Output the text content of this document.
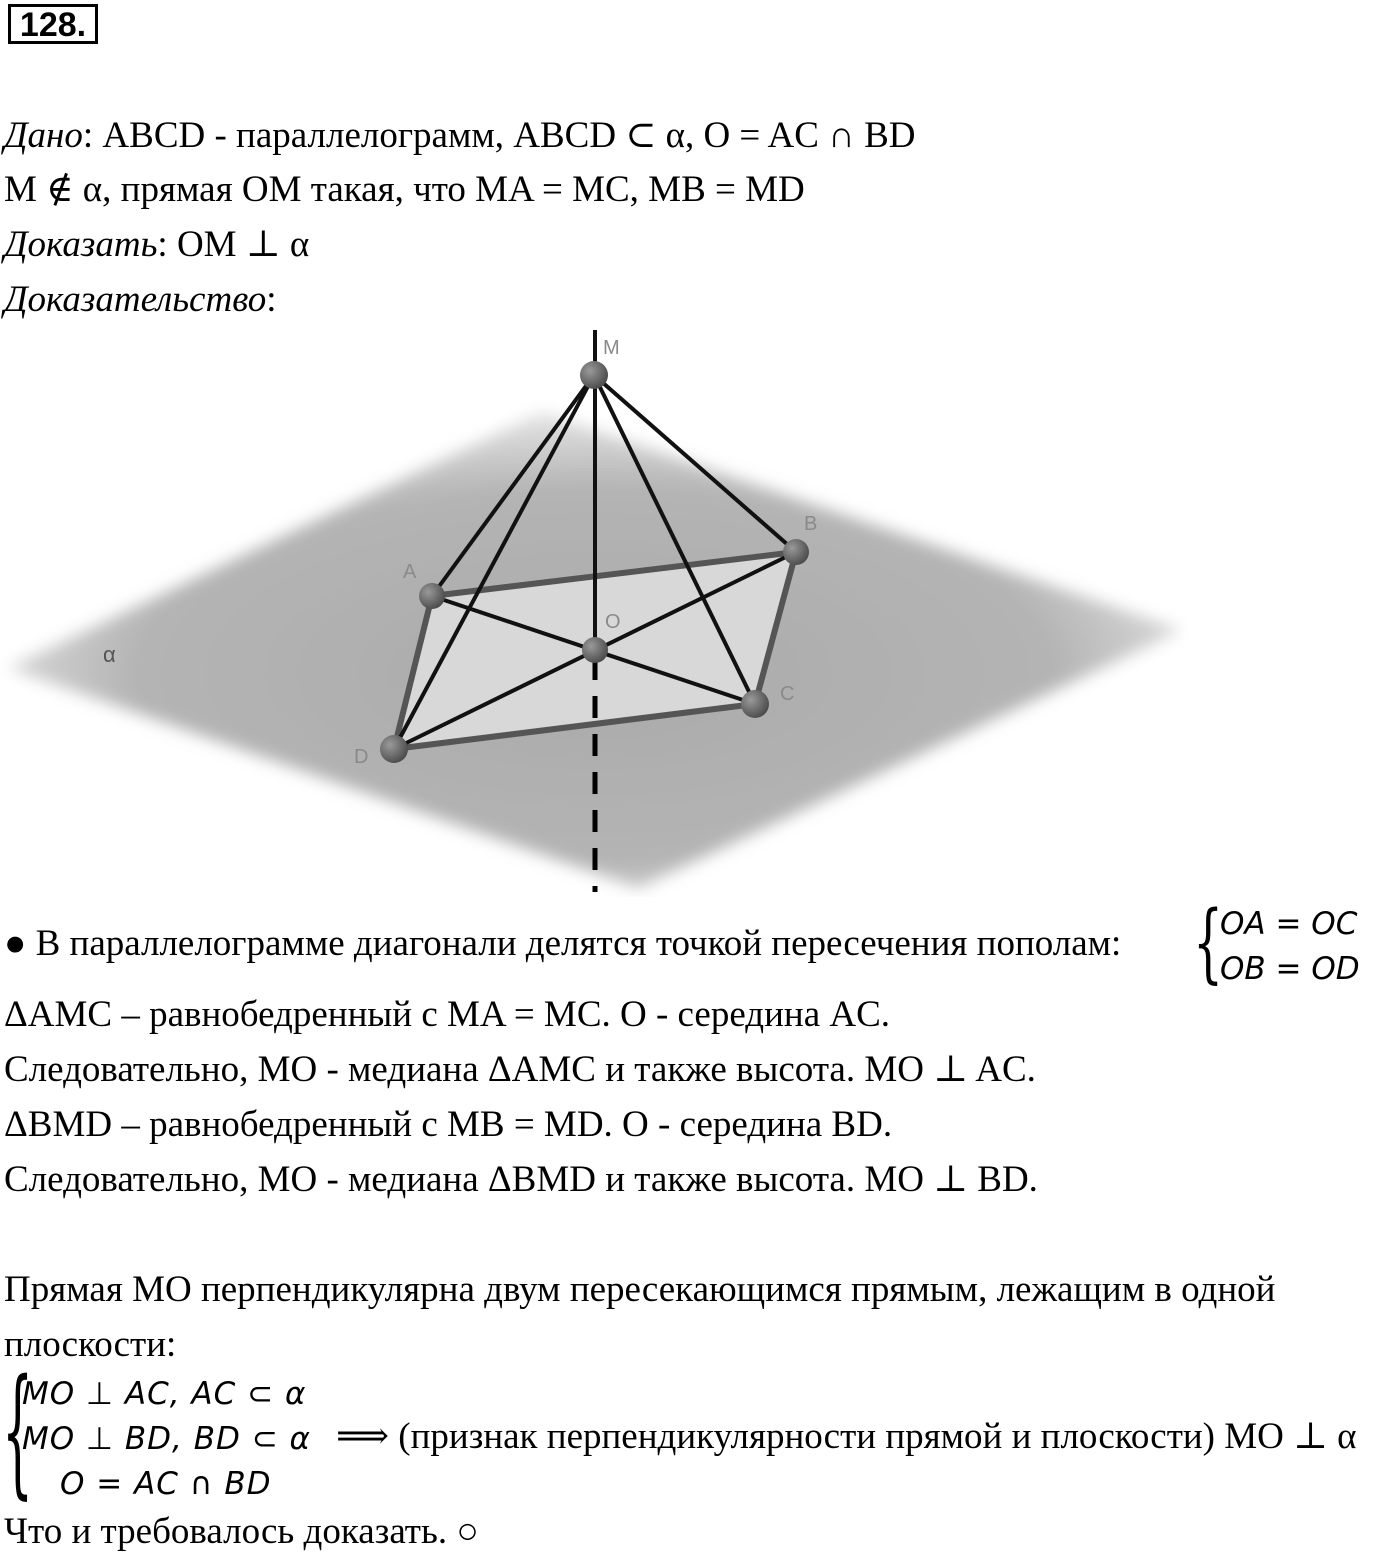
128.
Дано: ABCD - параллелограмм, ABCD ⊂ α, O = AC ∩ BD
M ∉ α, прямая OM такая, что MA = MC, MB = MD
Доказать: OM ⊥ α
Доказательство:
α
M
A
B
C
D
O
● В параллелограмме диагонали делятся точкой пересечения пополам: {
OA = OC
OB = OD
ΔAMC – равнобедренный с MA = MC. O - середина AC.
Следовательно, MO - медиана ΔAMC и также высота. MO ⊥ AC.
ΔBMD – равнобедренный с MB = MD. O - середина BD.
Следовательно, MO - медиана ΔBMD и также высота. MO ⊥ BD.
Прямая MO перпендикулярна двум пересекающимся прямым, лежащим в одной
плоскости:
{
MO ⊥ AC, AC ⊂ α
MO ⊥ BD, BD ⊂ α
O = AC ∩ BD
⟹ (признак перпендикулярности прямой и плоскости) MO ⊥ α
Что и требовалось доказать. ○
